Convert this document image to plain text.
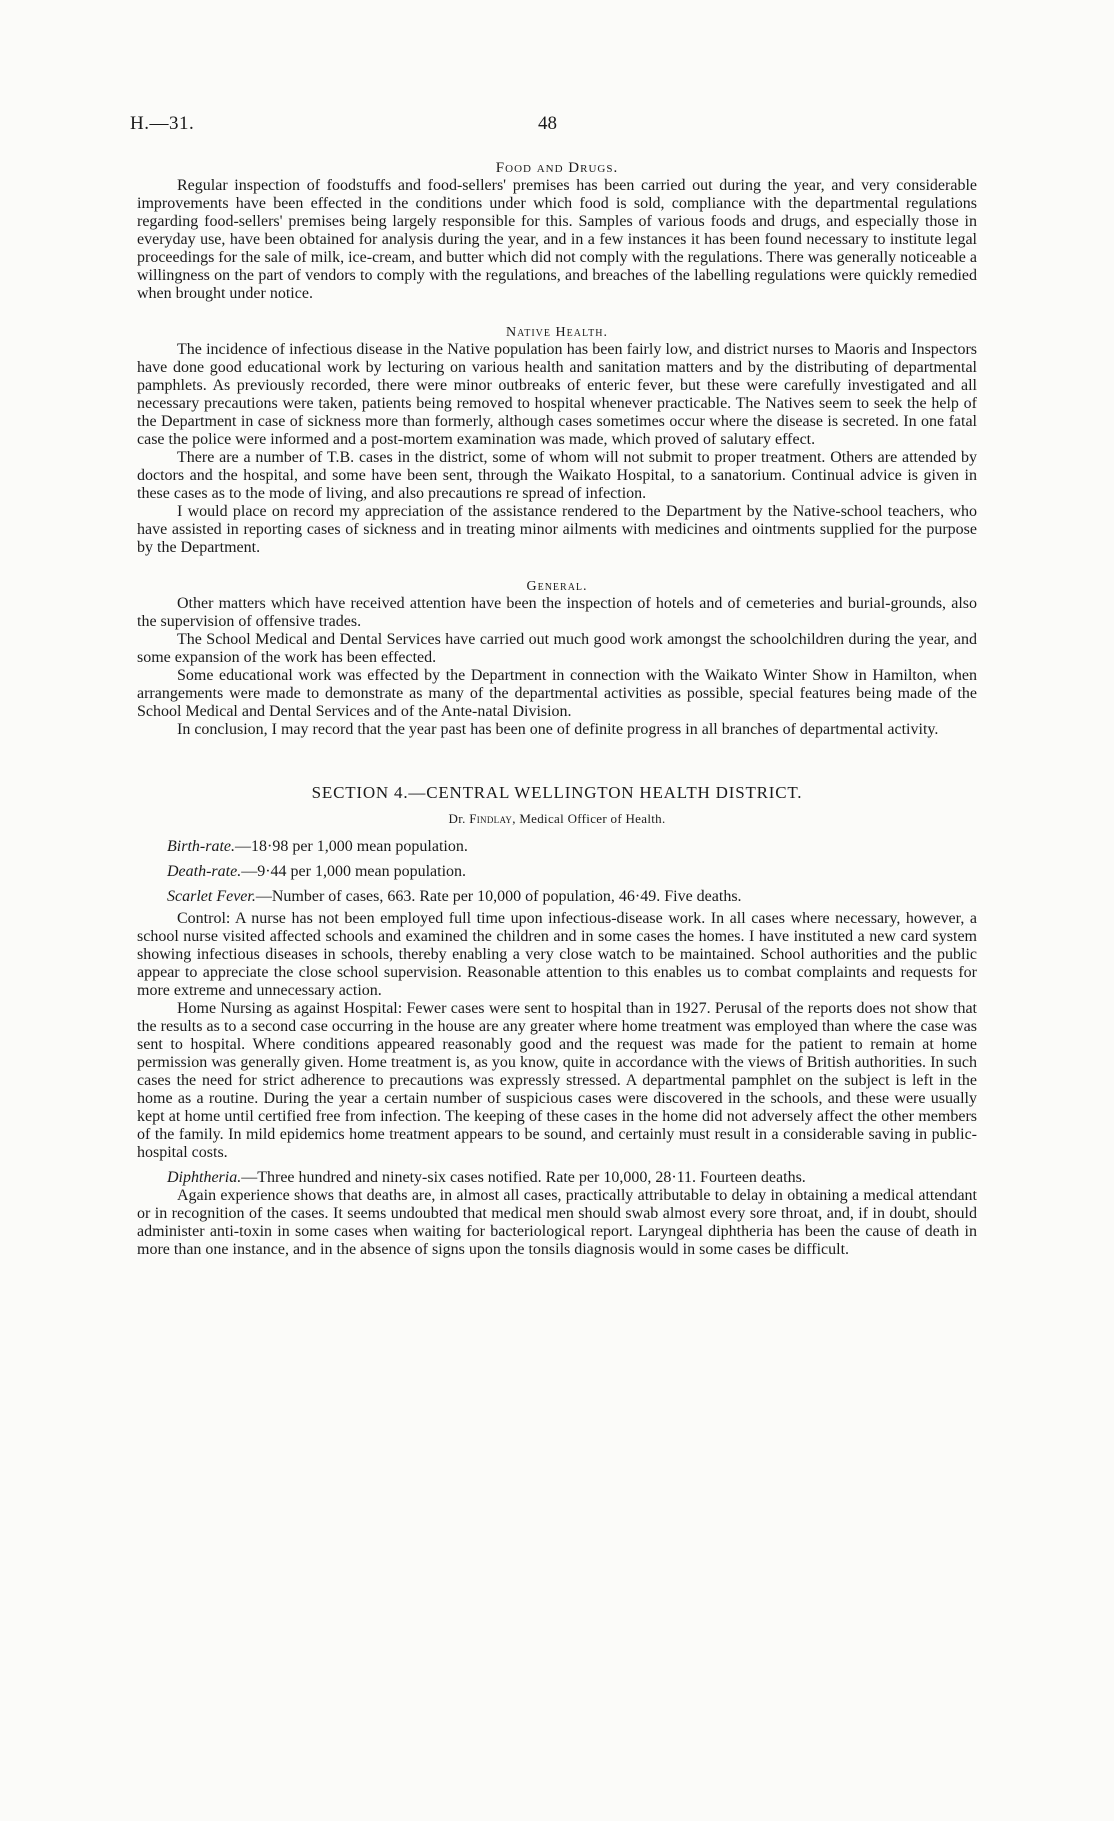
H.—31.	48
Food and Drugs.

Regular inspection of foodstuffs and food-sellers' premises has been carried out during the year, and very considerable improvements have been effected in the conditions under which food is sold, compliance with the departmental regulations regarding food-sellers' premises being largely responsible for this. Samples of various foods and drugs, and especially those in everyday use, have been obtained for analysis during the year, and in a few instances it has been found necessary to institute legal proceedings for the sale of milk, ice-cream, and butter which did not comply with the regulations. There was generally noticeable a willingness on the part of vendors to comply with the regulations, and breaches of the labelling regulations were quickly remedied when brought under notice.

Native Health.

The incidence of infectious disease in the Native population has been fairly low, and district nurses to Maoris and Inspectors have done good educational work by lecturing on various health and sanitation matters and by the distributing of departmental pamphlets. As previously recorded, there were minor outbreaks of enteric fever, but these were carefully investigated and all necessary precautions were taken, patients being removed to hospital whenever practicable. The Natives seem to seek the help of the Department in case of sickness more than formerly, although cases sometimes occur where the disease is secreted. In one fatal case the police were informed and a post-mortem examination was made, which proved of salutary effect.

There are a number of T.B. cases in the district, some of whom will not submit to proper treatment. Others are attended by doctors and the hospital, and some have been sent, through the Waikato Hospital, to a sanatorium. Continual advice is given in these cases as to the mode of living, and also precautions re spread of infection.

I would place on record my appreciation of the assistance rendered to the Department by the Native-school teachers, who have assisted in reporting cases of sickness and in treating minor ailments with medicines and ointments supplied for the purpose by the Department.

General.

Other matters which have received attention have been the inspection of hotels and of cemeteries and burial-grounds, also the supervision of offensive trades.

The School Medical and Dental Services have carried out much good work amongst the schoolchildren during the year, and some expansion of the work has been effected.

Some educational work was effected by the Department in connection with the Waikato Winter Show in Hamilton, when arrangements were made to demonstrate as many of the departmental activities as possible, special features being made of the School Medical and Dental Services and of the Ante-natal Division.

In conclusion, I may record that the year past has been one of definite progress in all branches of departmental activity.

SECTION 4.—CENTRAL WELLINGTON HEALTH DISTRICT.
Dr. Findlay, Medical Officer of Health.

Birth-rate.—18·98 per 1,000 mean population.

Death-rate.—9·44 per 1,000 mean population.

Scarlet Fever.—Number of cases, 663. Rate per 10,000 of population, 46·49. Five deaths.

Control: A nurse has not been employed full time upon infectious-disease work. In all cases where necessary, however, a school nurse visited affected schools and examined the children and in some cases the homes. I have instituted a new card system showing infectious diseases in schools, thereby enabling a very close watch to be maintained. School authorities and the public appear to appreciate the close school supervision. Reasonable attention to this enables us to combat complaints and requests for more extreme and unnecessary action.

Home Nursing as against Hospital: Fewer cases were sent to hospital than in 1927. Perusal of the reports does not show that the results as to a second case occurring in the house are any greater where home treatment was employed than where the case was sent to hospital. Where conditions appeared reasonably good and the request was made for the patient to remain at home permission was generally given. Home treatment is, as you know, quite in accordance with the views of British authorities. In such cases the need for strict adherence to precautions was expressly stressed. A departmental pamphlet on the subject is left in the home as a routine. During the year a certain number of suspicious cases were discovered in the schools, and these were usually kept at home until certified free from infection. The keeping of these cases in the home did not adversely affect the other members of the family. In mild epidemics home treatment appears to be sound, and certainly must result in a considerable saving in public-hospital costs.

Diphtheria.—Three hundred and ninety-six cases notified. Rate per 10,000, 28·11. Fourteen deaths.

Again experience shows that deaths are, in almost all cases, practically attributable to delay in obtaining a medical attendant or in recognition of the cases. It seems undoubted that medical men should swab almost every sore throat, and, if in doubt, should administer anti-toxin in some cases when waiting for bacteriological report. Laryngeal diphtheria has been the cause of death in more than one instance, and in the absence of signs upon the tonsils diagnosis would in some cases be difficult.
